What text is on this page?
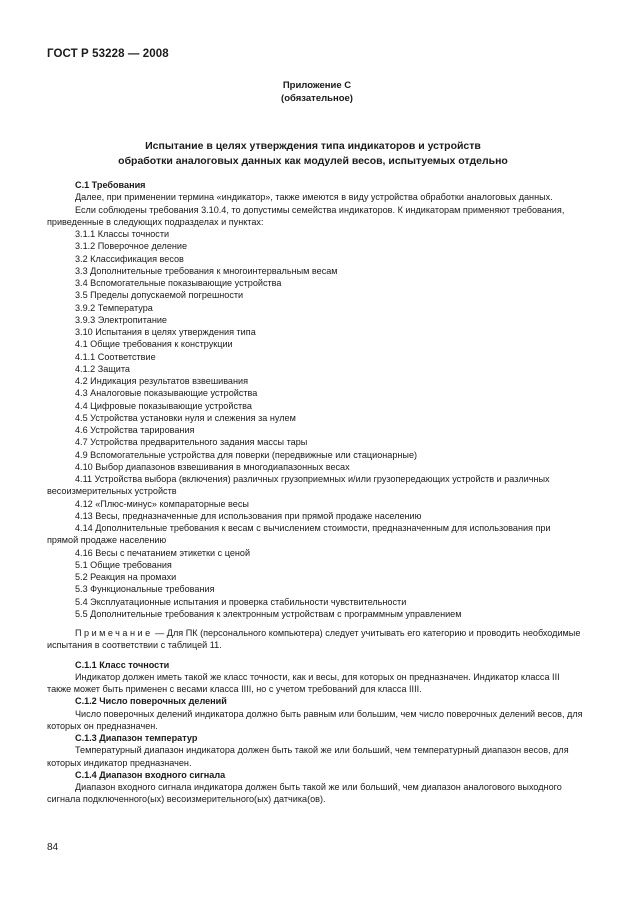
ГОСТ Р 53228 — 2008
Приложение С
(обязательное)
Испытание в целях утверждения типа индикаторов и устройств
обработки аналоговых данных как модулей весов, испытуемых отдельно

С.1 Требования

Далее, при применении термина «индикатор», также имеются в виду устройства обработки аналоговых данных.

Если соблюдены требования 3.10.4, то допустимы семейства индикаторов. К индикаторам применяют требования, приведенные в следующих подразделах и пунктах:

3.1.1 Классы точности

3.1.2 Поверочное деление

3.2 Классификация весов

3.3 Дополнительные требования к многоинтервальным весам

3.4 Вспомогательные показывающие устройства

3.5 Пределы допускаемой погрешности

3.9.2 Температура

3.9.3 Электропитание

3.10 Испытания в целях утверждения типа

4.1 Общие требования к конструкции

4.1.1 Соответствие

4.1.2 Защита

4.2 Индикация результатов взвешивания

4.3 Аналоговые показывающие устройства

4.4 Цифровые показывающие устройства

4.5 Устройства установки нуля и слежения за нулем

4.6 Устройства тарирования

4.7 Устройства предварительного задания массы тары

4.9 Вспомогательные устройства для поверки (передвижные или стационарные)

4.10 Выбор диапазонов взвешивания в многодиапазонных весах

4.11 Устройства выбора (включения) различных грузоприемных и/или грузопередающих устройств и различных весоизмерительных устройств

4.12 «Плюс-минус» компараторные весы

4.13 Весы, предназначенные для использования при прямой продаже населению

4.14 Дополнительные требования к весам с вычислением стоимости, предназначенным для использования при прямой продаже населению

4.16 Весы с печатанием этикетки с ценой

5.1 Общие требования

5.2 Реакция на промахи

5.3 Функциональные требования

5.4 Эксплуатационные испытания и проверка стабильности чувствительности

5.5 Дополнительные требования к электронным устройствам с программным управлением

Примечание — Для ПК (персонального компьютера) следует учитывать его категорию и проводить необходимые испытания в соответствии с таблицей 11.

С.1.1 Класс точности

Индикатор должен иметь такой же класс точности, как и весы, для которых он предназначен. Индикатор класса III также может быть применен с весами класса IIII, но с учетом требований для класса IIII.

С.1.2 Число поверочных делений

Число поверочных делений индикатора должно быть равным или большим, чем число поверочных делений весов, для которых он предназначен.

С.1.3 Диапазон температур

Температурный диапазон индикатора должен быть такой же или больший, чем температурный диапазон весов, для которых индикатор предназначен.

С.1.4 Диапазон входного сигнала

Диапазон входного сигнала индикатора должен быть такой же или больший, чем диапазон аналогового выходного сигнала подключенного(ых) весоизмерительного(ых) датчика(ов).

84
